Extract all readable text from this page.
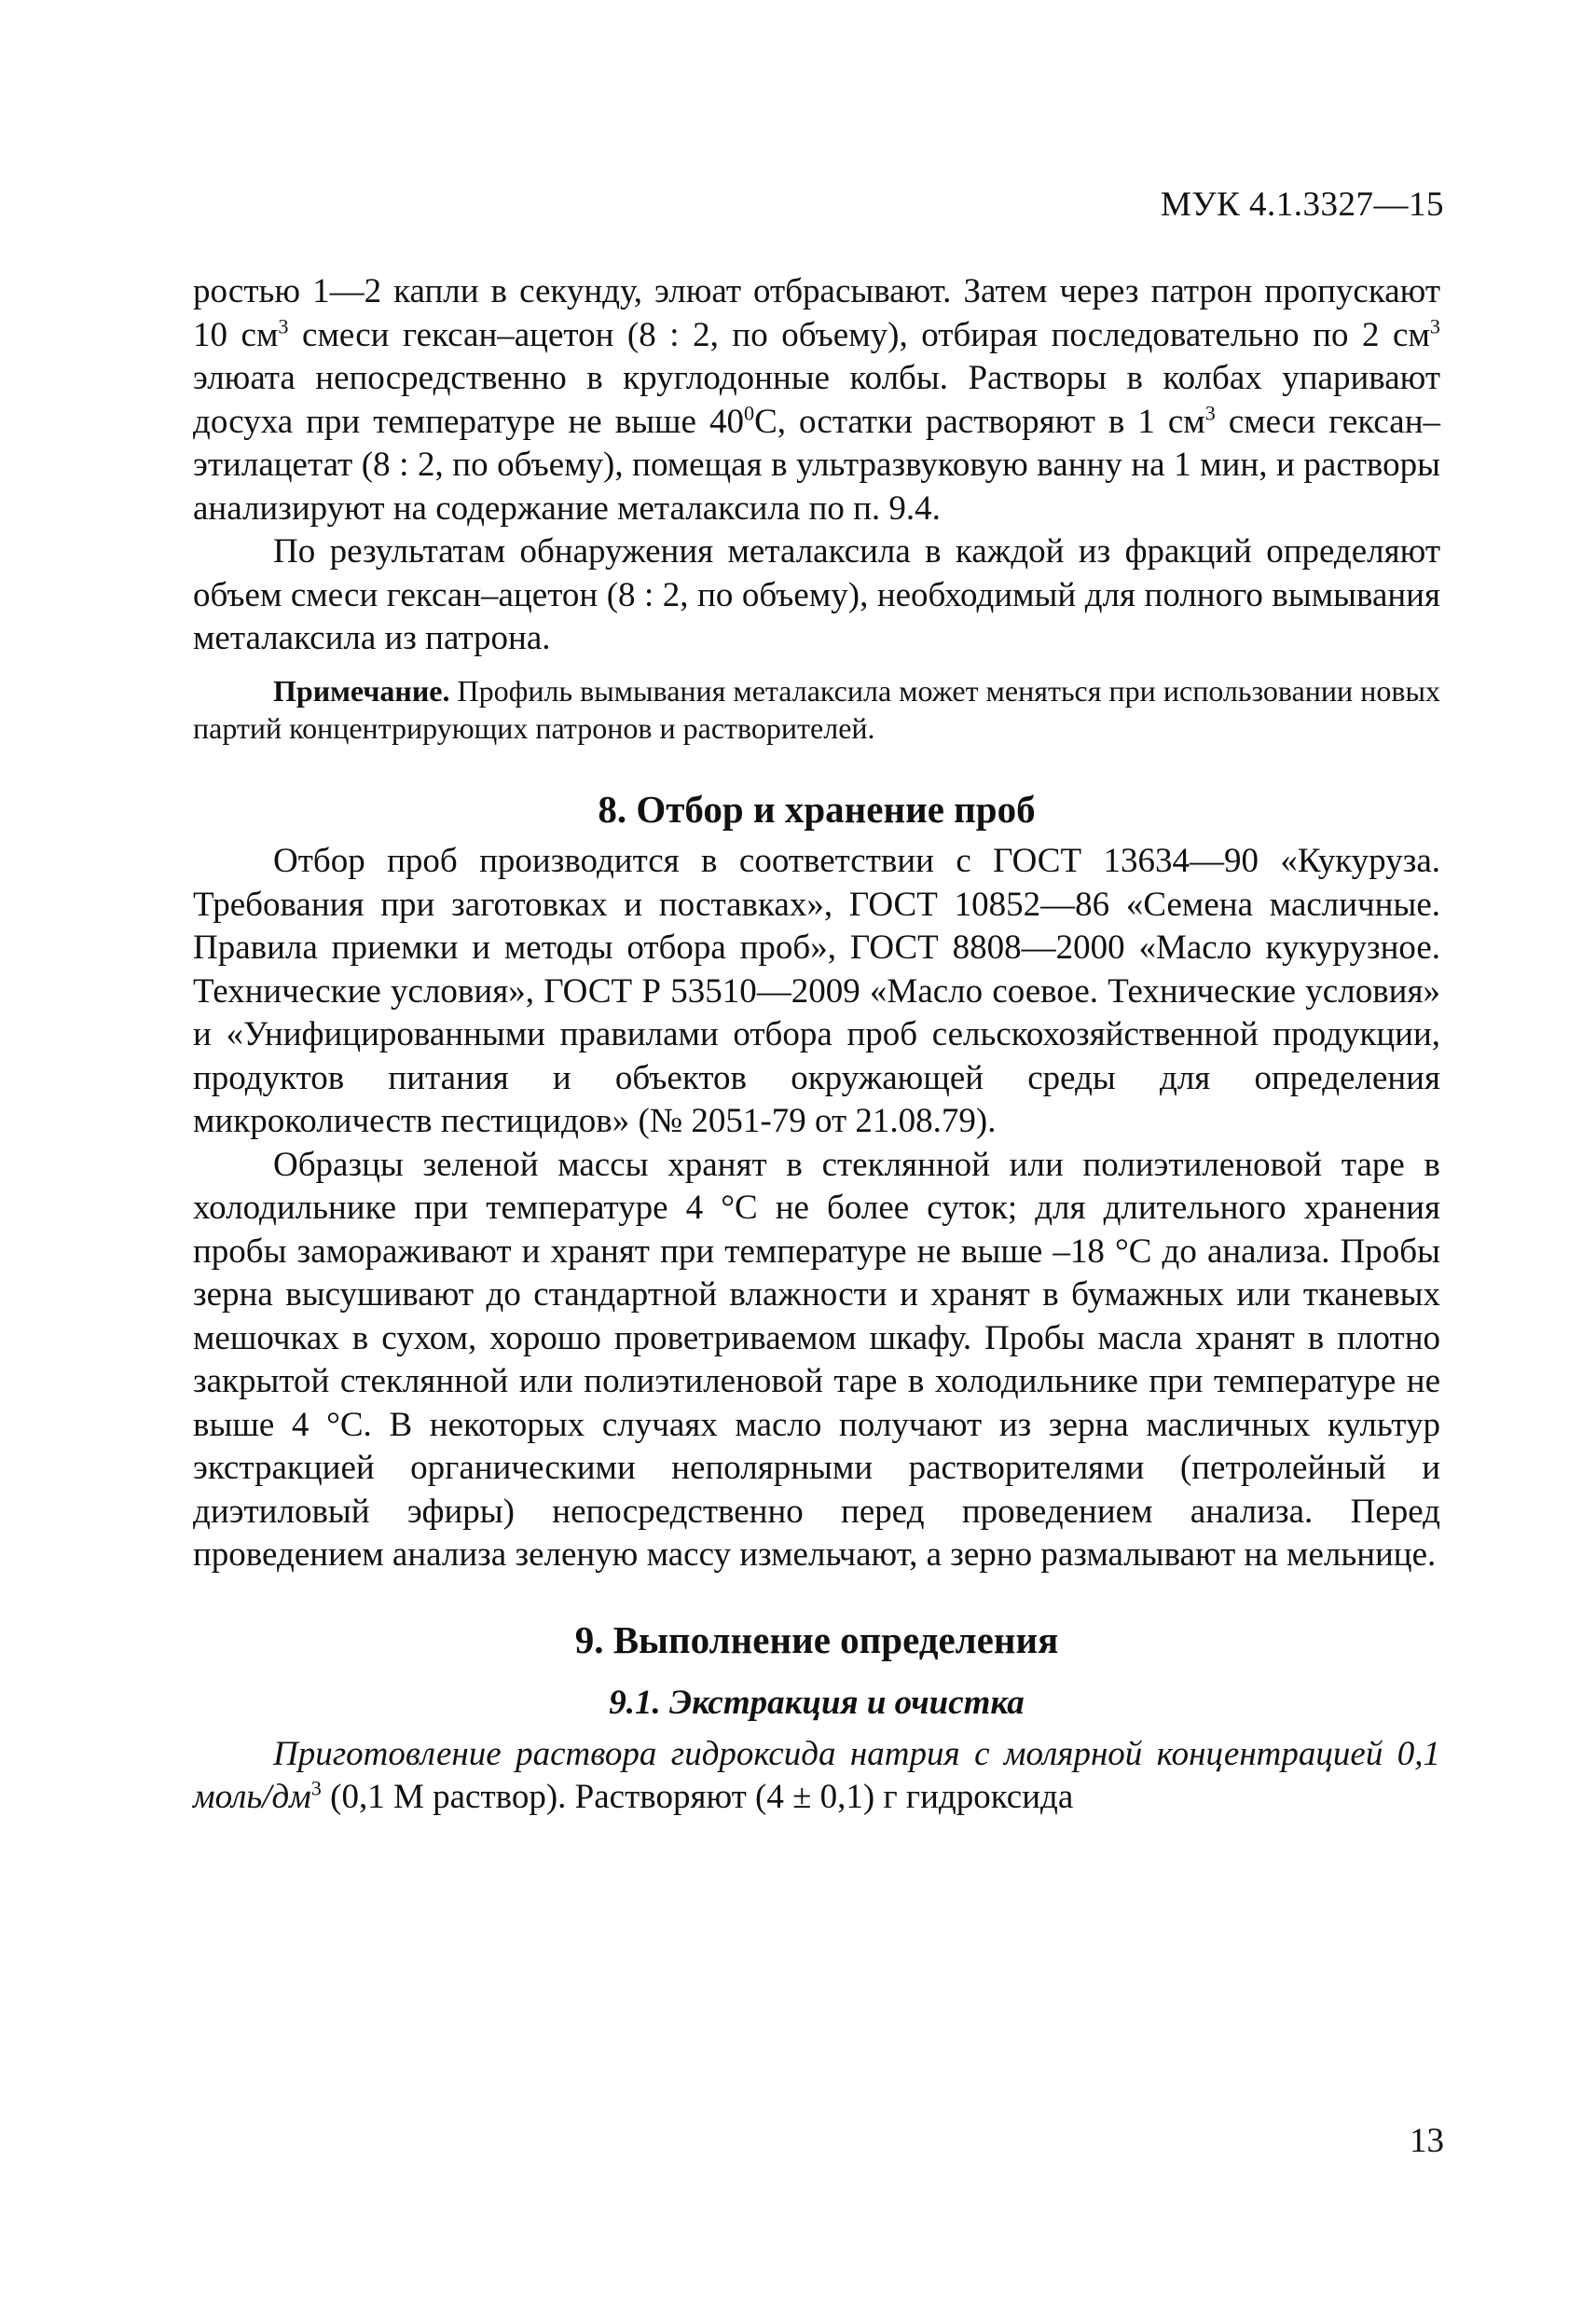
МУК 4.1.3327—15

ростью 1—2 капли в секунду, элюат отбрасывают. Затем через патрон пропускают 10 $см^3$ смеси гексан–ацетон (8 : 2, по объему), отбирая последовательно по 2 $см^3$ элюата непосредственно в круглодонные колбы. Растворы в колбах упаривают досуха при температуре не выше $40^0С$, остатки растворяют в 1 $см^3$ смеси гексан–этилацетат (8 : 2, по объему), помещая в ультразвуковую ванну на 1 мин, и растворы анализируют на содержание металаксила по п. 9.4.

По результатам обнаружения металаксила в каждой из фракций определяют объем смеси гексан–ацетон (8 : 2, по объему), необходимый для полного вымывания металаксила из патрона.

Примечание. Профиль вымывания металаксила может меняться при использовании новых партий концентрирующих патронов и растворителей.

8. Отбор и хранение проб

Отбор проб производится в соответствии с ГОСТ 13634—90 «Кукуруза. Требования при заготовках и поставках», ГОСТ 10852—86 «Семена масличные. Правила приемки и методы отбора проб», ГОСТ 8808—2000 «Масло кукурузное. Технические условия», ГОСТ Р 53510—2009 «Масло соевое. Технические условия» и «Унифицированными правилами отбора проб сельскохозяйственной продукции, продуктов питания и объектов окружающей среды для определения микроколичеств пестицидов» (№ 2051-79 от 21.08.79).

Образцы зеленой массы хранят в стеклянной или полиэтиленовой таре в холодильнике при температуре 4 °С не более суток; для длительного хранения пробы замораживают и хранят при температуре не выше –18 °С до анализа. Пробы зерна высушивают до стандартной влажности и хранят в бумажных или тканевых мешочках в сухом, хорошо проветриваемом шкафу. Пробы масла хранят в плотно закрытой стеклянной или полиэтиленовой таре в холодильнике при температуре не выше 4 °С. В некоторых случаях масло получают из зерна масличных культур экстракцией органическими неполярными растворителями (петролейный и диэтиловый эфиры) непосредственно перед проведением анализа. Перед проведением анализа зеленую массу измельчают, а зерно размалывают на мельнице.

9. Выполнение определения

9.1. Экстракция и очистка

Приготовление раствора гидроксида натрия с молярной концентрацией 0,1 моль/$дм^3$ (0,1 М раствор). Растворяют (4 ± 0,1) г гидроксида

13
